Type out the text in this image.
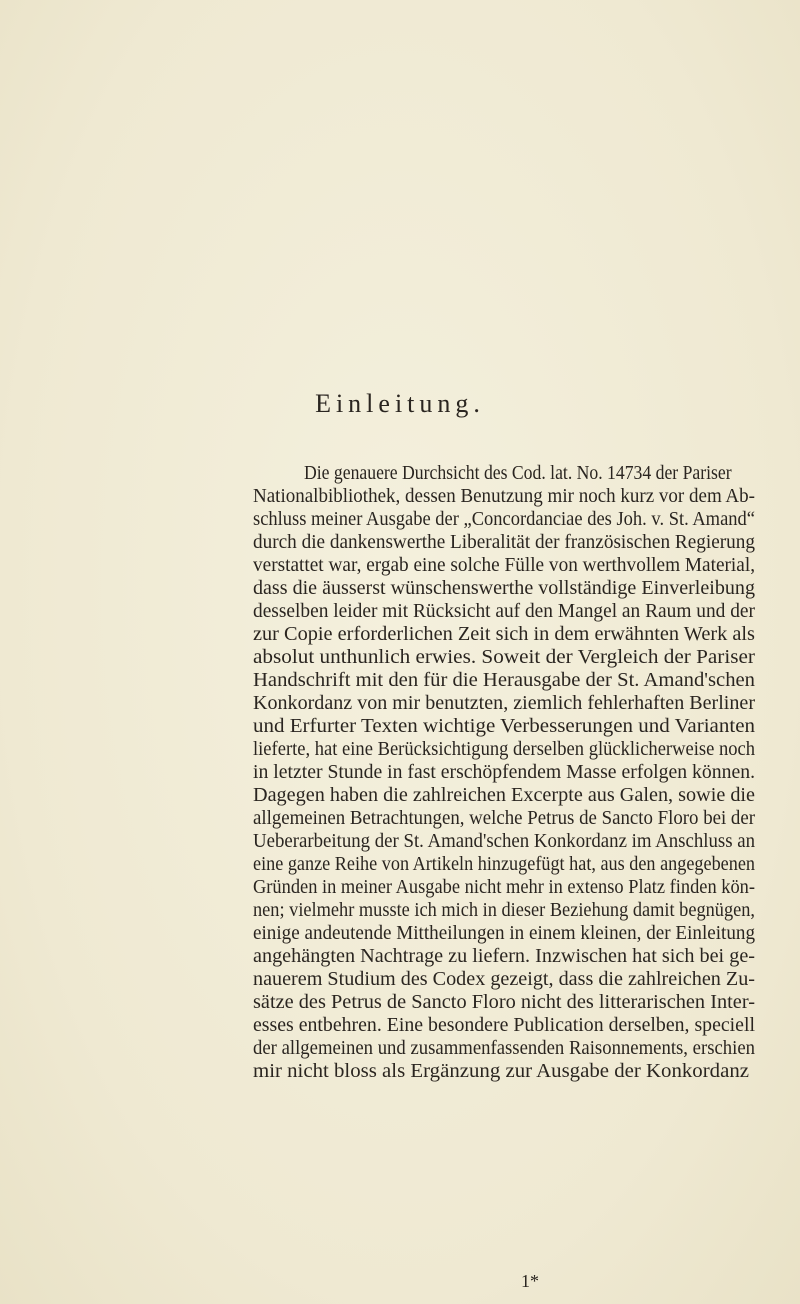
Einleitung.
Die genauere Durchsicht des Cod. lat. No. 14734 der Pariser
Nationalbibliothek, dessen Benutzung mir noch kurz vor dem Ab-
schluss meiner Ausgabe der „Concordanciae des Joh. v. St. Amand“
durch die dankenswerthe Liberalität der französischen Regierung
verstattet war, ergab eine solche Fülle von werthvollem Material,
dass die äusserst wünschenswerthe vollständige Einverleibung
desselben leider mit Rücksicht auf den Mangel an Raum und der
zur Copie erforderlichen Zeit sich in dem erwähnten Werk als
absolut unthunlich erwies. Soweit der Vergleich der Pariser
Handschrift mit den für die Herausgabe der St. Amand'schen
Konkordanz von mir benutzten, ziemlich fehlerhaften Berliner
und Erfurter Texten wichtige Verbesserungen und Varianten
lieferte, hat eine Berücksichtigung derselben glücklicherweise noch
in letzter Stunde in fast erschöpfendem Masse erfolgen können.
Dagegen haben die zahlreichen Excerpte aus Galen, sowie die
allgemeinen Betrachtungen, welche Petrus de Sancto Floro bei der
Ueberarbeitung der St. Amand'schen Konkordanz im Anschluss an
eine ganze Reihe von Artikeln hinzugefügt hat, aus den angegebenen
Gründen in meiner Ausgabe nicht mehr in extenso Platz finden kön-
nen; vielmehr musste ich mich in dieser Beziehung damit begnügen,
einige andeutende Mittheilungen in einem kleinen, der Einleitung
angehängten Nachtrage zu liefern. Inzwischen hat sich bei ge-
nauerem Studium des Codex gezeigt, dass die zahlreichen Zu-
sätze des Petrus de Sancto Floro nicht des litterarischen Inter-
esses entbehren. Eine besondere Publication derselben, speciell
der allgemeinen und zusammenfassenden Raisonnements, erschien
mir nicht bloss als Ergänzung zur Ausgabe der Konkordanz
1*
